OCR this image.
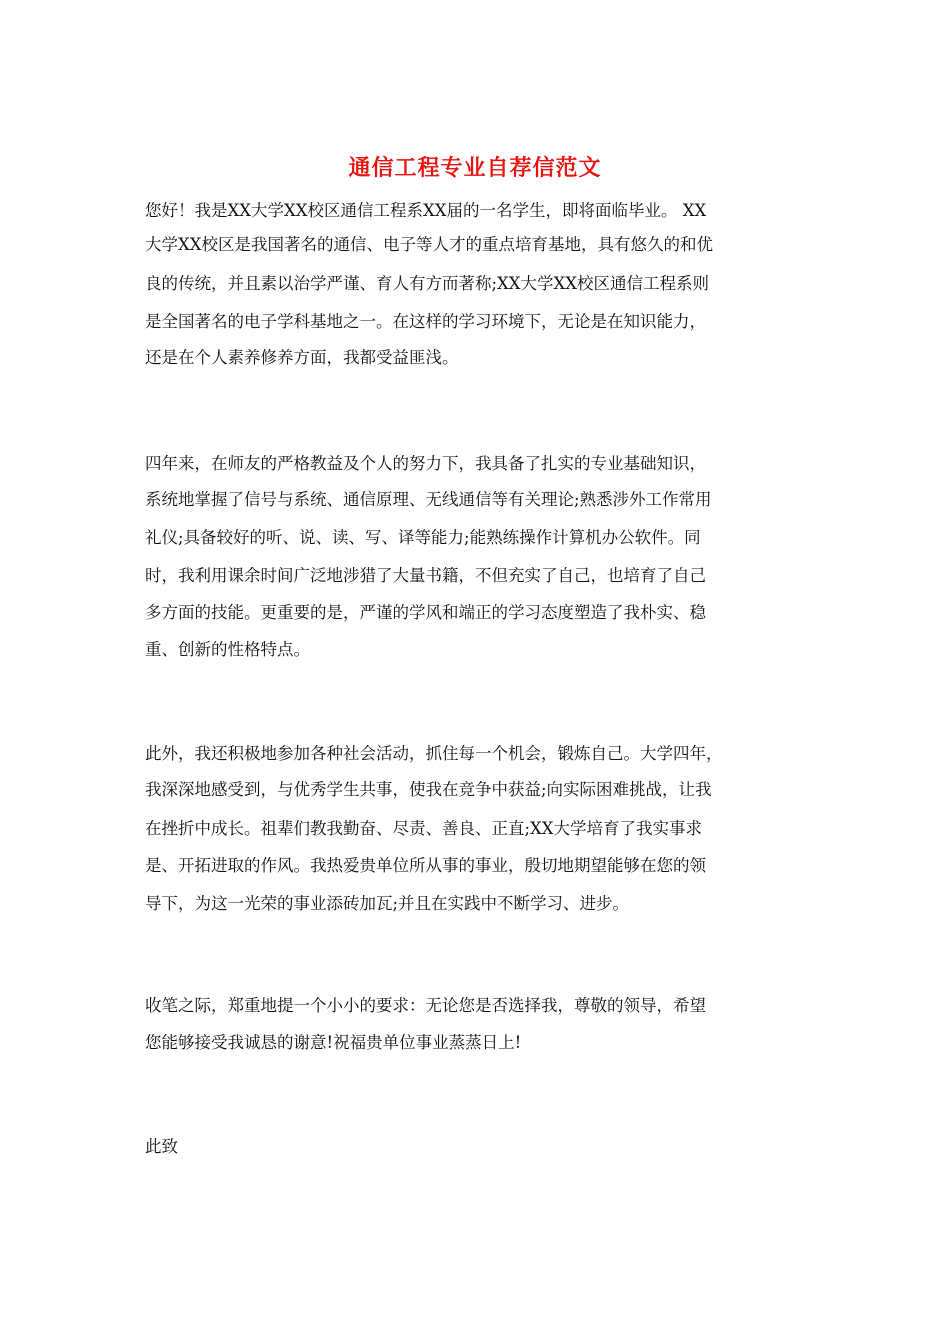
通信工程专业自荐信范文

您好！我是XX大学XX校区通信工程系XX届的一名学生，即将面临毕业。 XX

大学XX校区是我国著名的通信、电子等人才的重点培育基地，具有悠久的和优

良的传统，并且素以治学严谨、育人有方而著称;XX大学XX校区通信工程系则

是全国著名的电子学科基地之一。在这样的学习环境下，无论是在知识能力，

还是在个人素养修养方面，我都受益匪浅。

四年来，在师友的严格教益及个人的努力下，我具备了扎实的专业基础知识，

系统地掌握了信号与系统、通信原理、无线通信等有关理论;熟悉涉外工作常用

礼仪;具备较好的听、说、读、写、译等能力;能熟练操作计算机办公软件。同

时，我利用课余时间广泛地涉猎了大量书籍，不但充实了自己，也培育了自己

多方面的技能。更重要的是，严谨的学风和端正的学习态度塑造了我朴实、稳

重、创新的性格特点。

此外，我还积极地参加各种社会活动，抓住每一个机会，锻炼自己。大学四年，

我深深地感受到，与优秀学生共事，使我在竞争中获益;向实际困难挑战，让我

在挫折中成长。祖辈们教我勤奋、尽责、善良、正直;XX大学培育了我实事求

是、开拓进取的作风。我热爱贵单位所从事的事业，殷切地期望能够在您的领

导下，为这一光荣的事业添砖加瓦;并且在实践中不断学习、进步。

收笔之际，郑重地提一个小小的要求：无论您是否选择我，尊敬的领导，希望

您能够接受我诚恳的谢意!祝福贵单位事业蒸蒸日上!

此致
